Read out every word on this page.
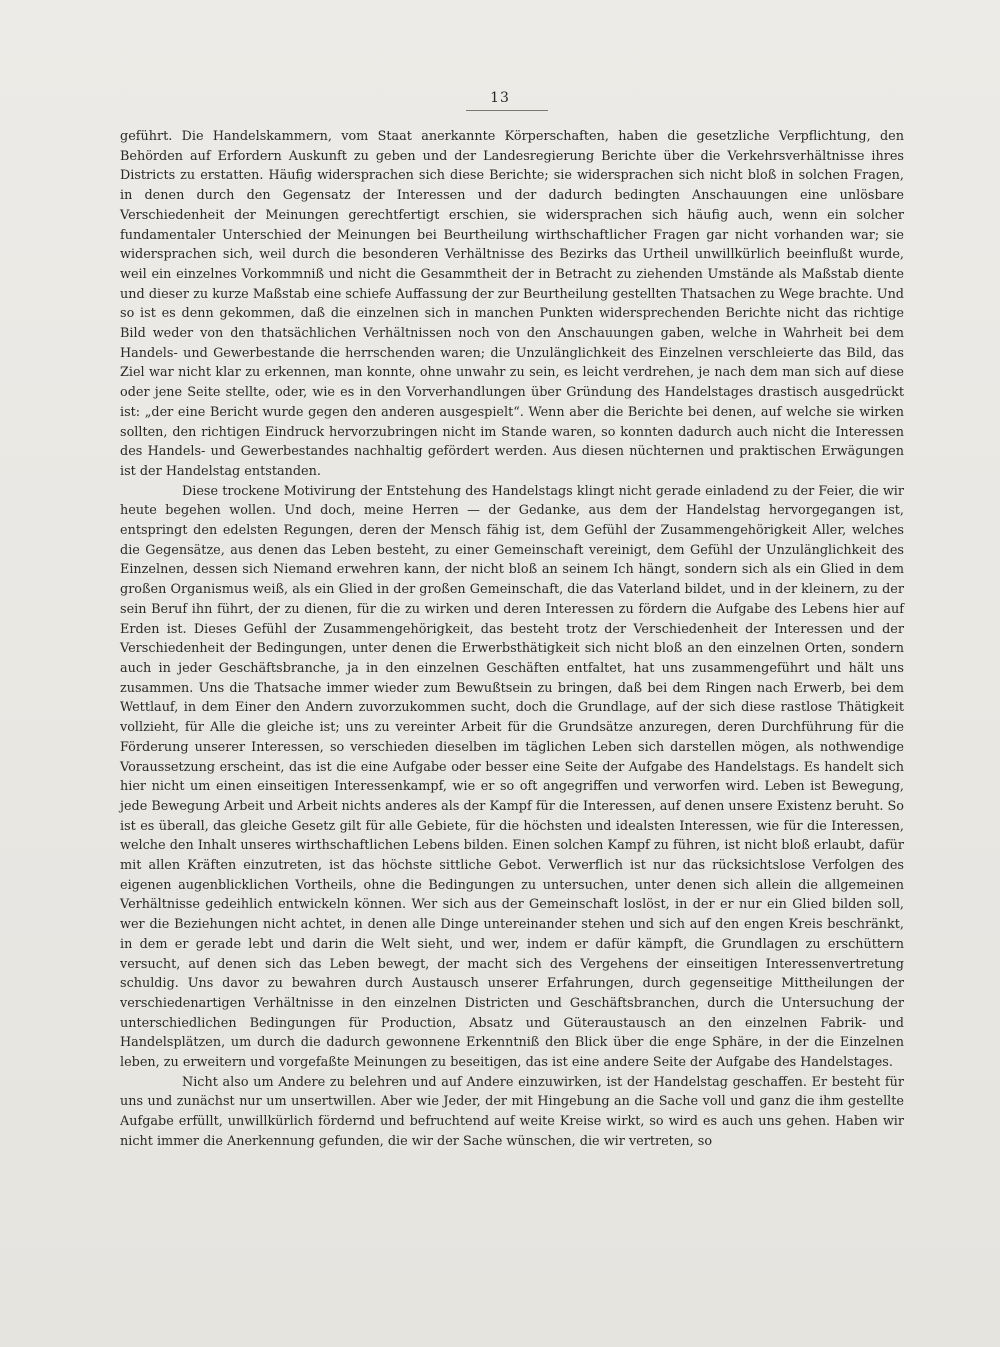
13

geführt. Die Handelskammern, vom Staat anerkannte Körperschaften, haben die gesetzliche Verpflichtung, den Behörden auf Erfordern Auskunft zu geben und der Landesregierung Berichte über die Verkehrsverhältnisse ihres Districts zu erstatten. Häufig widersprachen sich diese Berichte; sie widersprachen sich nicht bloß in solchen Fragen, in denen durch den Gegensatz der Interessen und der dadurch bedingten Anschauungen eine unlösbare Verschiedenheit der Meinungen gerechtfertigt erschien, sie widersprachen sich häufig auch, wenn ein solcher fundamentaler Unterschied der Meinungen bei Beurtheilung wirthschaftlicher Fragen gar nicht vorhanden war; sie widersprachen sich, weil durch die besonderen Verhältnisse des Bezirks das Urtheil unwillkürlich beeinflußt wurde, weil ein einzelnes Vorkommniß und nicht die Gesammtheit der in Betracht zu ziehenden Umstände als Maßstab diente und dieser zu kurze Maßstab eine schiefe Auffassung der zur Beurtheilung gestellten Thatsachen zu Wege brachte. Und so ist es denn gekommen, daß die einzelnen sich in manchen Punkten widersprechenden Berichte nicht das richtige Bild weder von den thatsächlichen Verhältnissen noch von den Anschauungen gaben, welche in Wahrheit bei dem Handels- und Gewerbestande die herrschenden waren; die Unzulänglichkeit des Einzelnen verschleierte das Bild, das Ziel war nicht klar zu erkennen, man konnte, ohne unwahr zu sein, es leicht verdrehen, je nach dem man sich auf diese oder jene Seite stellte, oder, wie es in den Vorverhandlungen über Gründung des Handelstages drastisch ausgedrückt ist: „der eine Bericht wurde gegen den anderen ausgespielt“. Wenn aber die Berichte bei denen, auf welche sie wirken sollten, den richtigen Eindruck hervorzubringen nicht im Stande waren, so konnten dadurch auch nicht die Interessen des Handels- und Gewerbestandes nachhaltig gefördert werden. Aus diesen nüchternen und praktischen Erwägungen ist der Handelstag entstanden.

Diese trockene Motivirung der Entstehung des Handelstags klingt nicht gerade einladend zu der Feier, die wir heute begehen wollen. Und doch, meine Herren — der Gedanke, aus dem der Handelstag hervorgegangen ist, entspringt den edelsten Regungen, deren der Mensch fähig ist, dem Gefühl der Zusammengehörigkeit Aller, welches die Gegensätze, aus denen das Leben besteht, zu einer Gemeinschaft vereinigt, dem Gefühl der Unzulänglichkeit des Einzelnen, dessen sich Niemand erwehren kann, der nicht bloß an seinem Ich hängt, sondern sich als ein Glied in dem großen Organismus weiß, als ein Glied in der großen Gemeinschaft, die das Vaterland bildet, und in der kleinern, zu der sein Beruf ihn führt, der zu dienen, für die zu wirken und deren Interessen zu fördern die Aufgabe des Lebens hier auf Erden ist. Dieses Gefühl der Zusammengehörigkeit, das besteht trotz der Verschiedenheit der Interessen und der Verschiedenheit der Bedingungen, unter denen die Erwerbsthätigkeit sich nicht bloß an den einzelnen Orten, sondern auch in jeder Geschäftsbranche, ja in den einzelnen Geschäften entfaltet, hat uns zusammengeführt und hält uns zusammen. Uns die Thatsache immer wieder zum Bewußtsein zu bringen, daß bei dem Ringen nach Erwerb, bei dem Wettlauf, in dem Einer den Andern zuvorzukommen sucht, doch die Grundlage, auf der sich diese rastlose Thätigkeit vollzieht, für Alle die gleiche ist; uns zu vereinter Arbeit für die Grundsätze anzuregen, deren Durchführung für die Förderung unserer Interessen, so verschieden dieselben im täglichen Leben sich darstellen mögen, als nothwendige Voraussetzung erscheint, das ist die eine Aufgabe oder besser eine Seite der Aufgabe des Handelstags. Es handelt sich hier nicht um einen einseitigen Interessenkampf, wie er so oft angegriffen und verworfen wird. Leben ist Bewegung, jede Bewegung Arbeit und Arbeit nichts anderes als der Kampf für die Interessen, auf denen unsere Existenz beruht. So ist es überall, das gleiche Gesetz gilt für alle Gebiete, für die höchsten und idealsten Interessen, wie für die Interessen, welche den Inhalt unseres wirthschaftlichen Lebens bilden. Einen solchen Kampf zu führen, ist nicht bloß erlaubt, dafür mit allen Kräften einzutreten, ist das höchste sittliche Gebot. Verwerflich ist nur das rücksichtslose Verfolgen des eigenen augenblicklichen Vortheils, ohne die Bedingungen zu untersuchen, unter denen sich allein die allgemeinen Verhältnisse gedeihlich entwickeln können. Wer sich aus der Gemeinschaft loslöst, in der er nur ein Glied bilden soll, wer die Beziehungen nicht achtet, in denen alle Dinge untereinander stehen und sich auf den engen Kreis beschränkt, in dem er gerade lebt und darin die Welt sieht, und wer, indem er dafür kämpft, die Grundlagen zu erschüttern versucht, auf denen sich das Leben bewegt, der macht sich des Vergehens der einseitigen Interessenvertretung schuldig. Uns davor zu bewahren durch Austausch unserer Erfahrungen, durch gegenseitige Mittheilungen der verschiedenartigen Verhältnisse in den einzelnen Districten und Geschäftsbranchen, durch die Untersuchung der unterschiedlichen Bedingungen für Production, Absatz und Güteraustausch an den einzelnen Fabrik- und Handelsplätzen, um durch die dadurch gewonnene Erkenntniß den Blick über die enge Sphäre, in der die Einzelnen leben, zu erweitern und vorgefaßte Meinungen zu beseitigen, das ist eine andere Seite der Aufgabe des Handelstages.

Nicht also um Andere zu belehren und auf Andere einzuwirken, ist der Handelstag geschaffen. Er besteht für uns und zunächst nur um unsertwillen. Aber wie Jeder, der mit Hingebung an die Sache voll und ganz die ihm gestellte Aufgabe erfüllt, unwillkürlich fördernd und befruchtend auf weite Kreise wirkt, so wird es auch uns gehen. Haben wir nicht immer die Anerkennung gefunden, die wir der Sache wünschen, die wir vertreten, so
